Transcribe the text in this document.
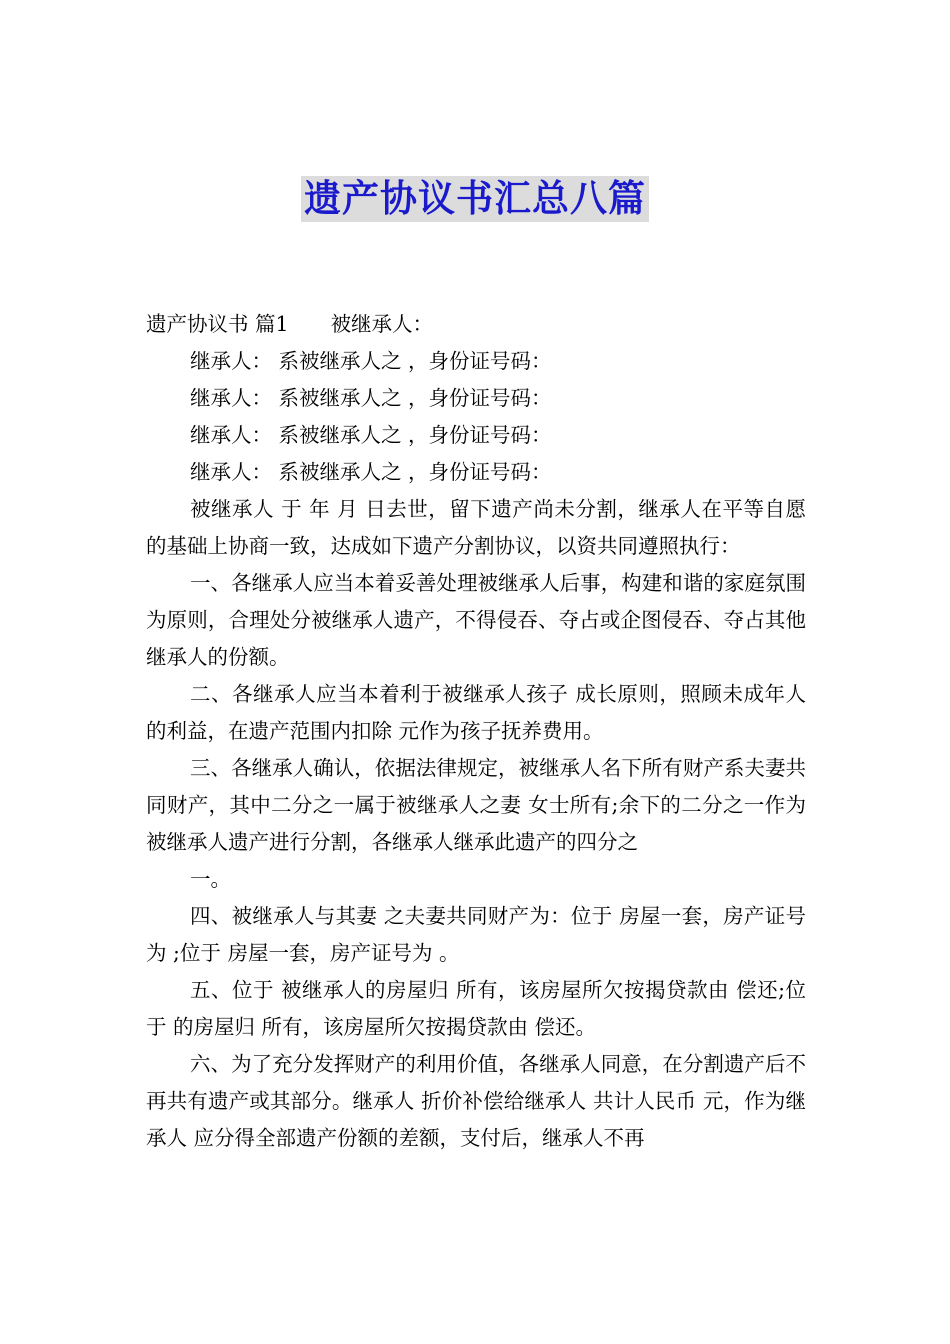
遗产协议书汇总八篇
遗产协议书 篇1 被继承人：
继承人： 系被继承人之 ，身份证号码：
继承人： 系被继承人之 ，身份证号码：
继承人： 系被继承人之 ，身份证号码：
继承人： 系被继承人之 ，身份证号码：

被继承人 于 年 月 日去世，留下遗产尚未分割，继承人在平等自愿的基础上协商一致，达成如下遗产分割协议，以资共同遵照执行：

一、各继承人应当本着妥善处理被继承人后事，构建和谐的家庭氛围为原则，合理处分被继承人遗产，不得侵吞、夺占或企图侵吞、夺占其他继承人的份额。

二、各继承人应当本着利于被继承人孩子 成长原则，照顾未成年人的利益，在遗产范围内扣除 元作为孩子抚养费用。

三、各继承人确认，依据法律规定，被继承人名下所有财产系夫妻共同财产，其中二分之一属于被继承人之妻 女士所有;余下的二分之一作为被继承人遗产进行分割，各继承人继承此遗产的四分之

一。

四、被继承人与其妻 之夫妻共同财产为：位于 房屋一套，房产证号为 ;位于 房屋一套，房产证号为 。

五、位于 被继承人的房屋归 所有，该房屋所欠按揭贷款由 偿还;位于 的房屋归 所有，该房屋所欠按揭贷款由 偿还。

六、为了充分发挥财产的利用价值，各继承人同意，在分割遗产后不再共有遗产或其部分。继承人 折价补偿给继承人 共计人民币 元，作为继承人 应分得全部遗产份额的差额，支付后，继承人不再
